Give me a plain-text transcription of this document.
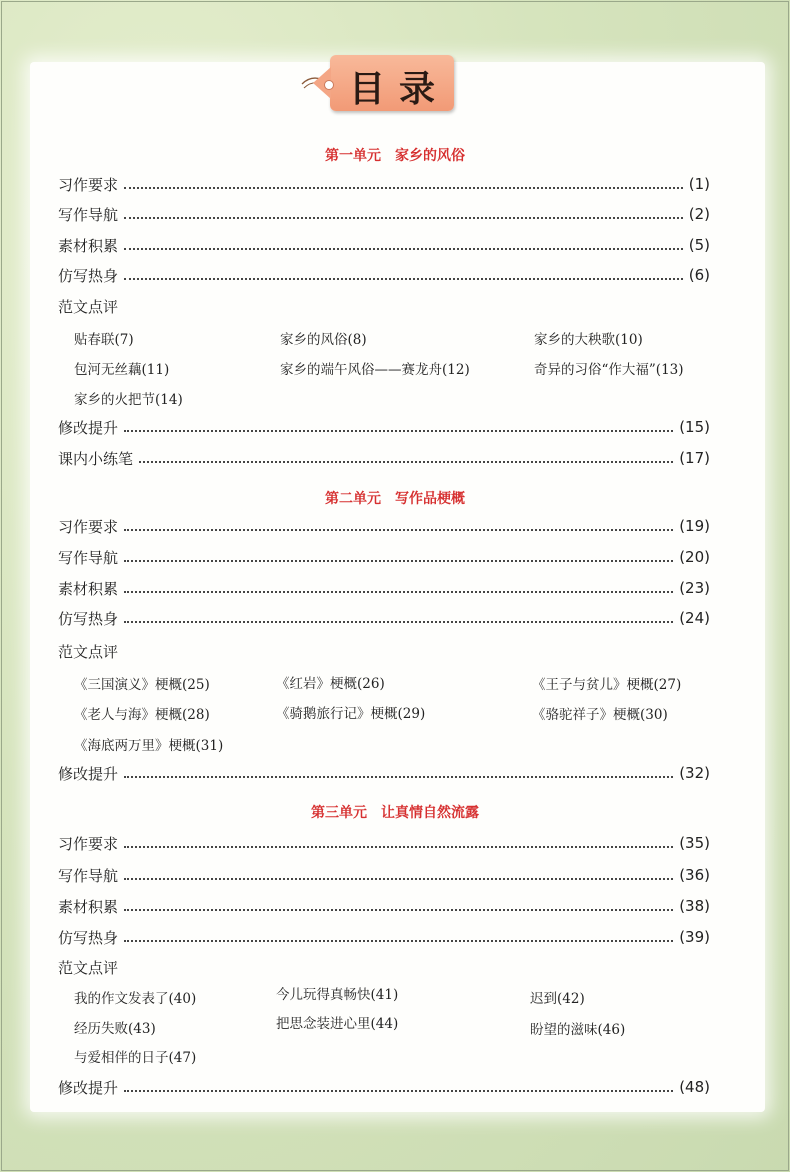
目录
第一单元　家乡的风俗
习作要求	(1)
写作导航	(2)
素材积累	(5)
仿写热身	(6)
范文点评
贴春联(7)	家乡的风俗(8)	家乡的大秧歌(10)
包河无丝藕(11)	家乡的端午风俗——赛龙舟(12)	奇异的习俗“作大福”(13)
家乡的火把节(14)
修改提升	(15)
课内小练笔	(17)
第二单元　写作品梗概
习作要求	(19)
写作导航	(20)
素材积累	(23)
仿写热身	(24)
范文点评
《三国演义》梗概(25)	《红岩》梗概(26)	《王子与贫儿》梗概(27)
《老人与海》梗概(28)	《骑鹅旅行记》梗概(29)	《骆驼祥子》梗概(30)
《海底两万里》梗概(31)
修改提升	(32)
第三单元　让真情自然流露
习作要求	(35)
写作导航	(36)
素材积累	(38)
仿写热身	(39)
范文点评
我的作文发表了(40)	今儿玩得真畅快(41)	迟到(42)
经历失败(43)	把思念装进心里(44)	盼望的滋味(46)
与爱相伴的日子(47)
修改提升	(48)
